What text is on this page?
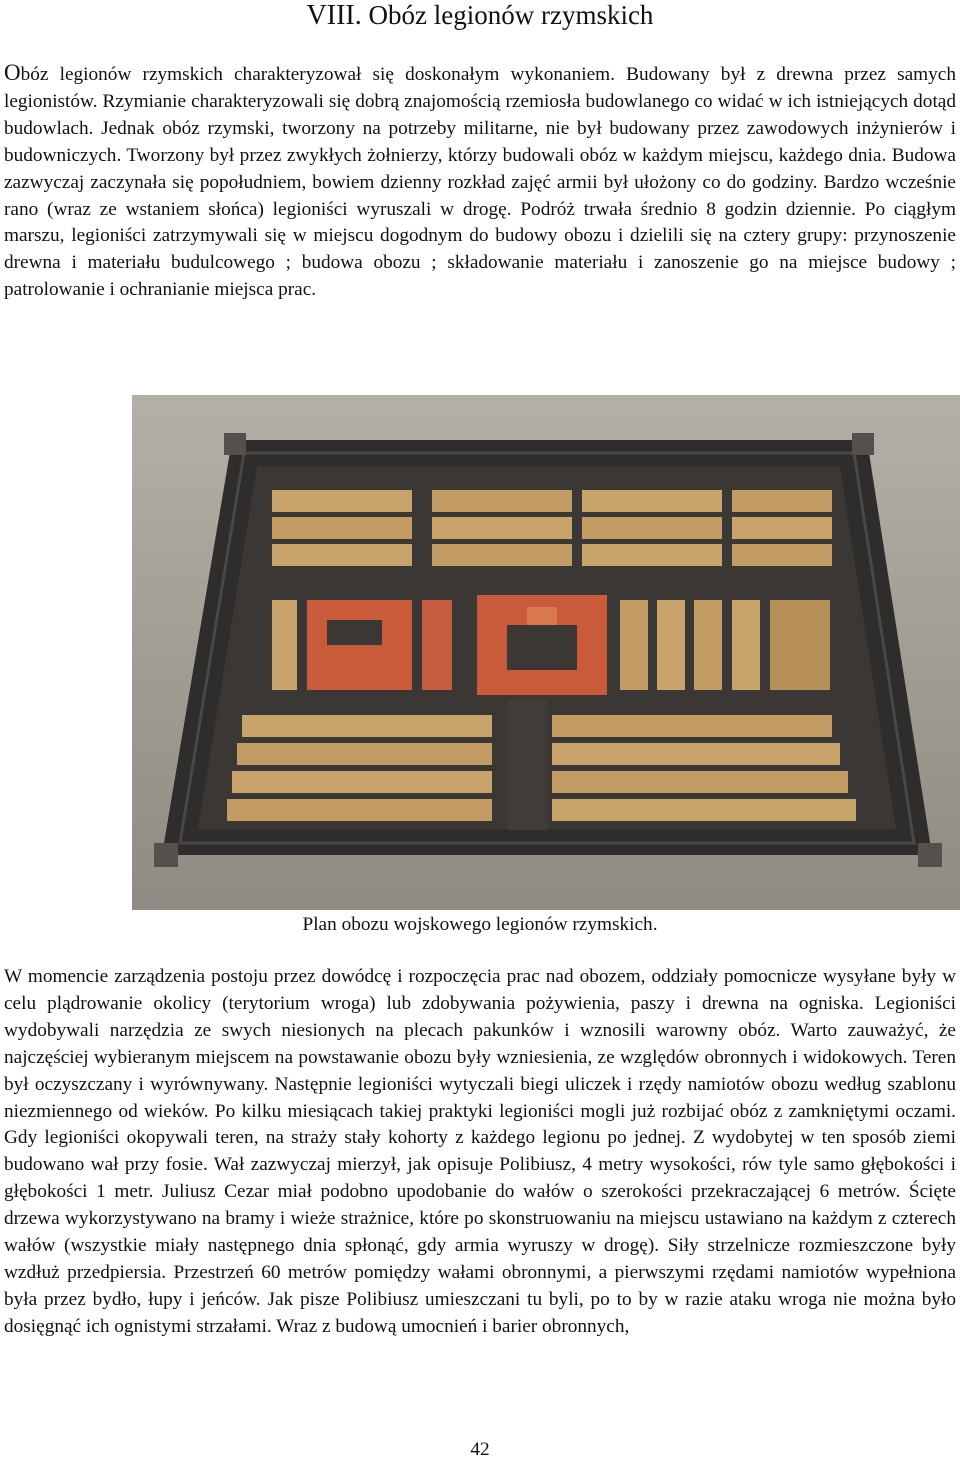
VIII. Obóz legionów rzymskich

Obóz legionów rzymskich charakteryzował się doskonałym wykonaniem. Budowany był z drewna przez samych legionistów. Rzymianie charakteryzowali się dobrą znajomością rzemiosła budowlanego co widać w ich istniejących dotąd budowlach. Jednak obóz rzymski, tworzony na potrzeby militarne, nie był budowany przez zawodowych inżynierów i budowniczych. Tworzony był przez zwykłych żołnierzy, którzy budowali obóz w każdym miejscu, każdego dnia. Budowa zazwyczaj zaczynała się popołudniem, bowiem dzienny rozkład zajęć armii był ułożony co do godziny. Bardzo wcześnie rano (wraz ze wstaniem słońca) legioniści wyruszali w drogę. Podróż trwała średnio 8 godzin dziennie. Po ciągłym marszu, legioniści zatrzymywali się w miejscu dogodnym do budowy obozu i dzielili się na cztery grupy: przynoszenie drewna i materiału budulcowego ; budowa obozu ; składowanie materiału i zanoszenie go na miejsce budowy ; patrolowanie i ochranianie miejsca prac.

Plan obozu wojskowego legionów rzymskich.

W momencie zarządzenia postoju przez dowódcę i rozpoczęcia prac nad obozem, oddziały pomocnicze wysyłane były w celu plądrowanie okolicy (terytorium wroga) lub zdobywania pożywienia, paszy i drewna na ogniska. Legioniści wydobywali narzędzia ze swych niesionych na plecach pakunków i wznosili warowny obóz. Warto zauważyć, że najczęściej wybieranym miejscem na powstawanie obozu były wzniesienia, ze względów obronnych i widokowych. Teren był oczyszczany i wyrównywany. Następnie legioniści wytyczali biegi uliczek i rzędy namiotów obozu według szablonu niezmiennego od wieków. Po kilku miesiącach takiej praktyki legioniści mogli już rozbijać obóz z zamkniętymi oczami. Gdy legioniści okopywali teren, na straży stały kohorty z każdego legionu po jednej. Z wydobytej w ten sposób ziemi budowano wał przy fosie. Wał zazwyczaj mierzył, jak opisuje Polibiusz, 4 metry wysokości, rów tyle samo głębokości i głębokości 1 metr. Juliusz Cezar miał podobno upodobanie do wałów o szerokości przekraczającej 6 metrów. Ścięte drzewa wykorzystywano na bramy i wieże strażnice, które po skonstruowaniu na miejscu ustawiano na każdym z czterech wałów (wszystkie miały następnego dnia spłonąć, gdy armia wyruszy w drogę). Siły strzelnicze rozmieszczone były wzdłuż przedpiersia. Przestrzeń 60 metrów pomiędzy wałami obronnymi, a pierwszymi rzędami namiotów wypełniona była przez bydło, łupy i jeńców. Jak pisze Polibiusz umieszczani tu byli, po to by w razie ataku wroga nie można było dosięgnąć ich ognistymi strzałami. Wraz z budową umocnień i barier obronnych,

42
